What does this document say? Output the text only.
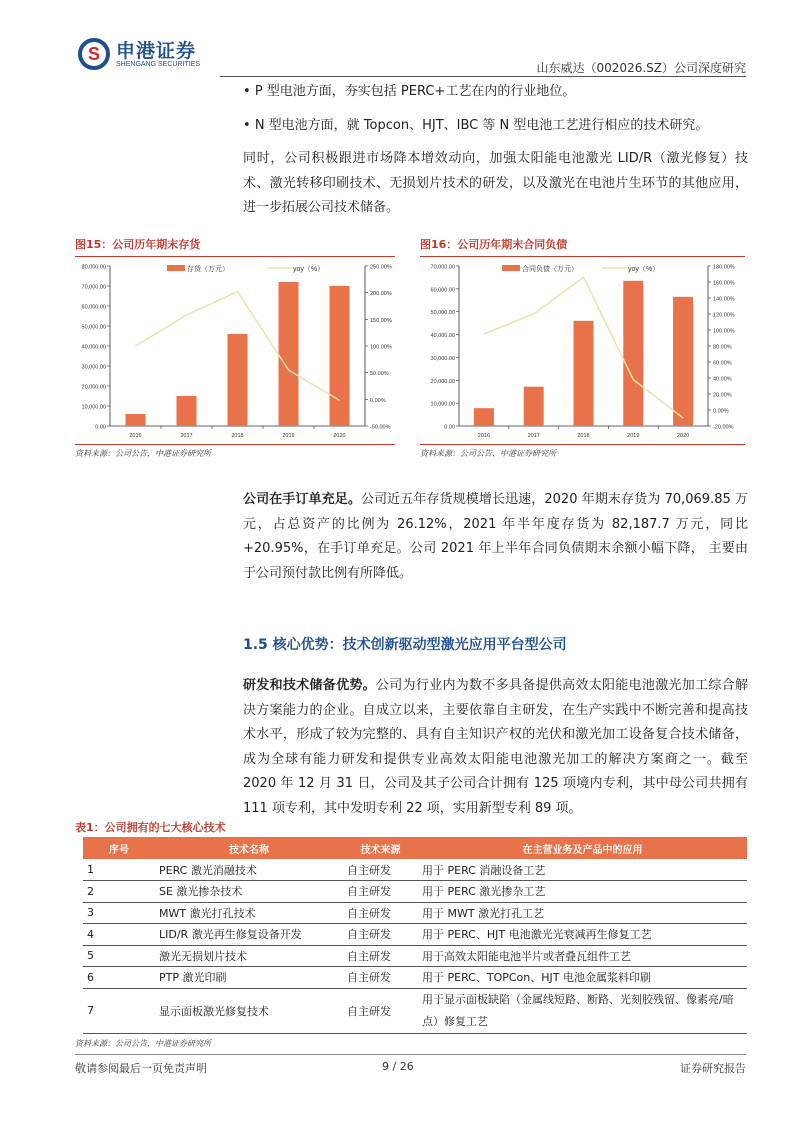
S 申港证券
SHENGANG SECURITIES	山东威达（002026.SZ）公司深度研究
• P 型电池方面，夯实包括 PERC+工艺在内的行业地位。
• N 型电池方面，就 Topcon、HJT、IBC 等 N 型电池工艺进行相应的技术研究。
同时，公司积极跟进市场降本增效动向，加强太阳能电池激光 LID/R（激光修复）技术、激光转移印刷技术、无损划片技术的研发，以及激光在电池片生环节的其他应用，进一步拓展公司技术储备。
图15：公司历年期末存货
0.00
10,000.00
20,000.00
30,000.00
40,000.00
50,000.00
60,000.00
70,000.00
80,000.00
-50.00%
0.00%
50.00%
100.00%
150.00%
200.00%
250.00%
2016	2017	2018	2019	2020
存货（万元）	yoy（%）
资料来源：公司公告，中港证券研究所
图16：公司历年期末合同负债
0.00
10,000.00
20,000.00
30,000.00
40,000.00
50,000.00
60,000.00
70,000.00
-20.00%
0.00%
20.00%
40.00%
60.00%
80.00%
100.00%
120.00%
140.00%
160.00%
180.00%
2016	2017	2018	2019	2020
合同负债（万元）	yoy（%）
资料来源：公司公告，中港证券研究所
公司在手订单充足。公司近五年存货规模增长迅速，2020 年期末存货为 70,069.85 万元，占总资产的比例为 26.12%，2021 年半年度存货为 82,187.7 万元，同比+20.95%，在手订单充足。公司 2021 年上半年合同负债期末余额小幅下降， 主要由于公司预付款比例有所降低。
1.5 核心优势：技术创新驱动型激光应用平台型公司
研发和技术储备优势。公司为行业内为数不多具备提供高效太阳能电池激光加工综合解决方案能力的企业。自成立以来，主要依靠自主研发，在生产实践中不断完善和提高技术水平，形成了较为完整的、具有自主知识产权的光伏和激光加工设备复合技术储备，成为全球有能力研发和提供专业高效太阳能电池激光加工的解决方案商之一。截至 2020 年 12 月 31 日，公司及其子公司合计拥有 125 项境内专利，其中母公司共拥有 111 项专利，其中发明专利 22 项，实用新型专利 89 项。
表1：公司拥有的七大核心技术
序号	技术名称	技术来源	在主营业务及产品中的应用
1	PERC 激光消融技术	自主研发	用于 PERC 消融设备工艺
2	SE 激光掺杂技术	自主研发	用于 PERC 激光掺杂工艺
3	MWT 激光打孔技术	自主研发	用于 MWT 激光打孔工艺
4	LID/R 激光再生修复设备开发	自主研发	用于 PERC、HJT 电池激光光衰减再生修复工艺
5	激光无损划片技术	自主研发	用于高效太阳能电池半片或者叠瓦组件工艺
6	PTP 激光印刷	自主研发	用于 PERC、TOPCon、HJT 电池金属浆料印刷
7	显示面板激光修复技术	自主研发	用于显示面板缺陷（金属线短路、断路、光刻胶残留、像素亮/暗点）修复工艺
资料来源：公司公告，中港证券研究所
敬请参阅最后一页免责声明	9 / 26	证券研究报告
